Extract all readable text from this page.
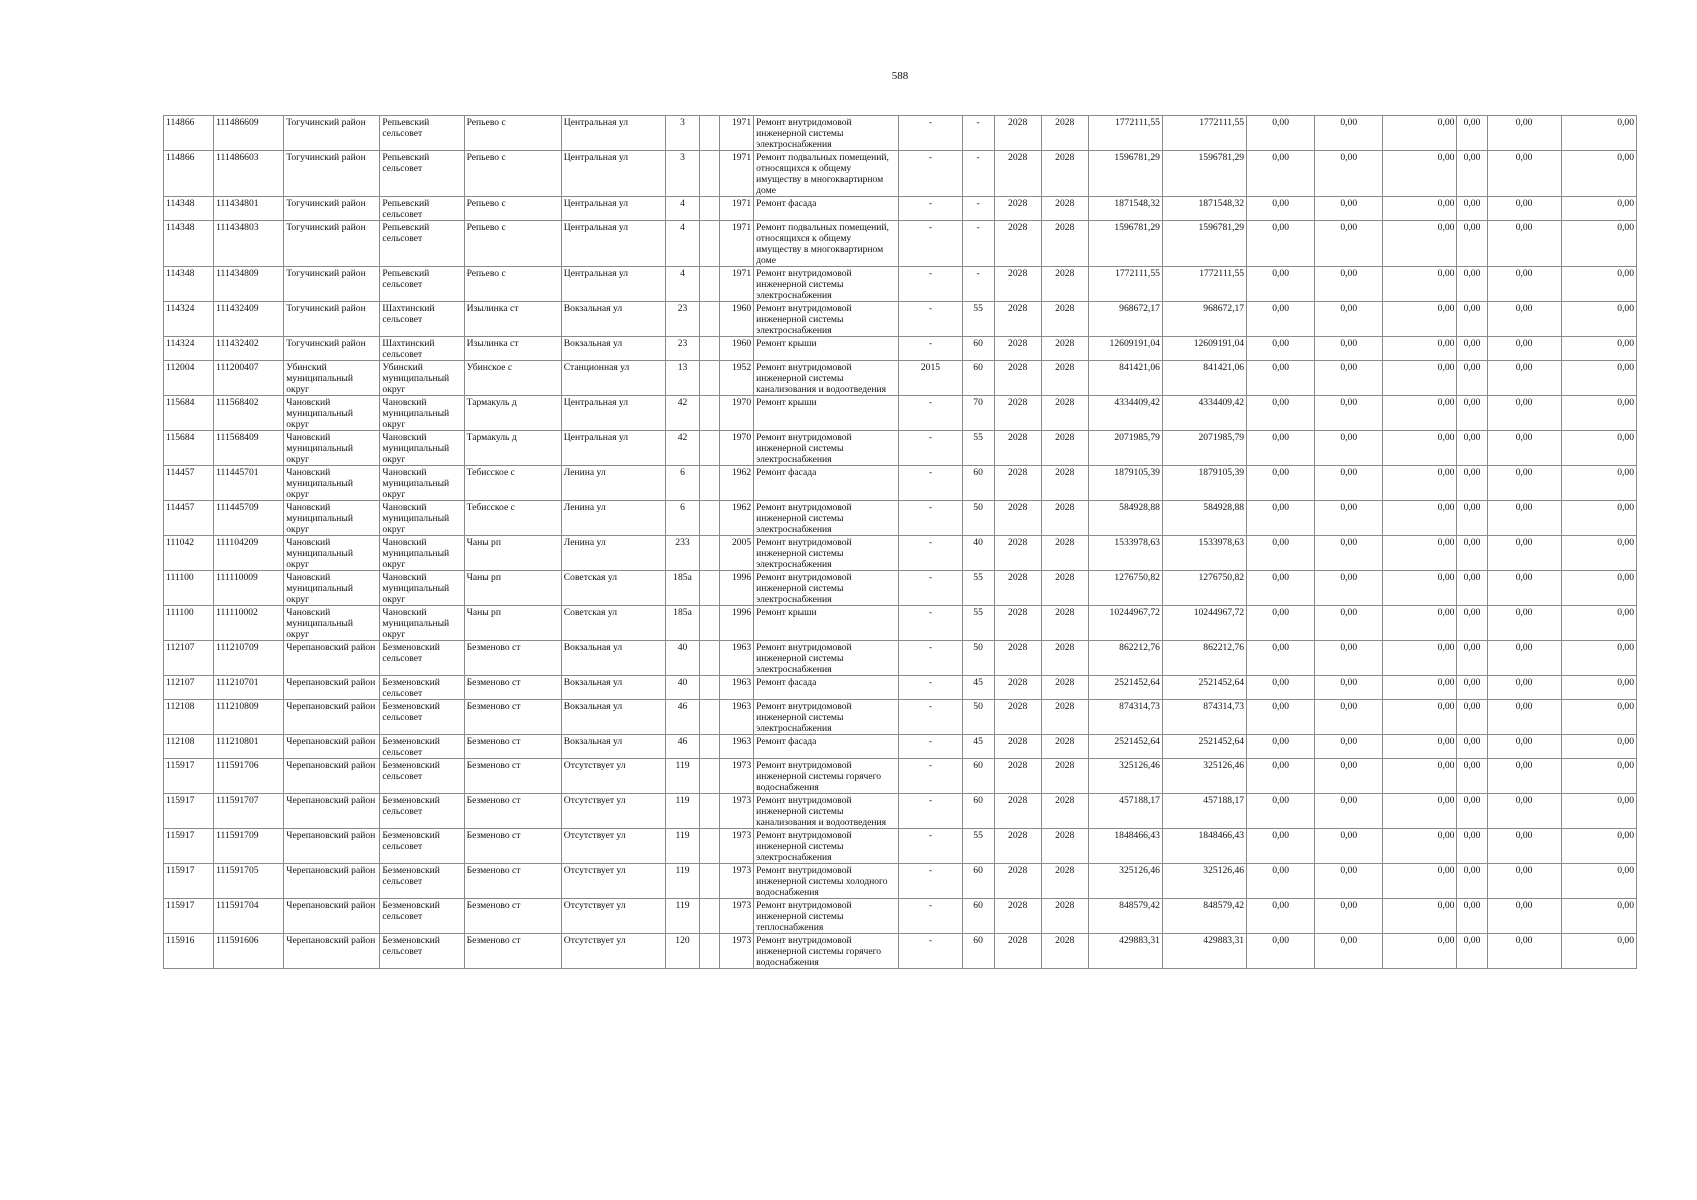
588
114866	111486609	Тогучинский район	Репьевский сельсовет	Репьево с	Центральная ул	3		1971	Ремонт внутридомовой инженерной системы электроснабжения	-	-	2028	2028	1772111,55	1772111,55	0,00	0,00	0,00	0,00	0,00	0,00
114866	111486603	Тогучинский район	Репьевский сельсовет	Репьево с	Центральная ул	3		1971	Ремонт подвальных помещений, относящихся к общему имуществу в многоквартирном доме	-	-	2028	2028	1596781,29	1596781,29	0,00	0,00	0,00	0,00	0,00	0,00
114348	111434801	Тогучинский район	Репьевский сельсовет	Репьево с	Центральная ул	4		1971	Ремонт фасада	-	-	2028	2028	1871548,32	1871548,32	0,00	0,00	0,00	0,00	0,00	0,00
114348	111434803	Тогучинский район	Репьевский сельсовет	Репьево с	Центральная ул	4		1971	Ремонт подвальных помещений, относящихся к общему имуществу в многоквартирном доме	-	-	2028	2028	1596781,29	1596781,29	0,00	0,00	0,00	0,00	0,00	0,00
114348	111434809	Тогучинский район	Репьевский сельсовет	Репьево с	Центральная ул	4		1971	Ремонт внутридомовой инженерной системы электроснабжения	-	-	2028	2028	1772111,55	1772111,55	0,00	0,00	0,00	0,00	0,00	0,00
114324	111432409	Тогучинский район	Шахтинский сельсовет	Изылинка ст	Вокзальная ул	23		1960	Ремонт внутридомовой инженерной системы электроснабжения	-	55	2028	2028	968672,17	968672,17	0,00	0,00	0,00	0,00	0,00	0,00
114324	111432402	Тогучинский район	Шахтинский сельсовет	Изылинка ст	Вокзальная ул	23		1960	Ремонт крыши	-	60	2028	2028	12609191,04	12609191,04	0,00	0,00	0,00	0,00	0,00	0,00
112004	111200407	Убинский муниципальный округ	Убинский муниципальный округ	Убинское с	Станционная ул	13		1952	Ремонт внутридомовой инженерной системы канализования и водоотведения	2015	60	2028	2028	841421,06	841421,06	0,00	0,00	0,00	0,00	0,00	0,00
115684	111568402	Чановский муниципальный округ	Чановский муниципальный округ	Тармакуль д	Центральная ул	42		1970	Ремонт крыши	-	70	2028	2028	4334409,42	4334409,42	0,00	0,00	0,00	0,00	0,00	0,00
115684	111568409	Чановский муниципальный округ	Чановский муниципальный округ	Тармакуль д	Центральная ул	42		1970	Ремонт внутридомовой инженерной системы электроснабжения	-	55	2028	2028	2071985,79	2071985,79	0,00	0,00	0,00	0,00	0,00	0,00
114457	111445701	Чановский муниципальный округ	Чановский муниципальный округ	Тебисское с	Ленина ул	6		1962	Ремонт фасада	-	60	2028	2028	1879105,39	1879105,39	0,00	0,00	0,00	0,00	0,00	0,00
114457	111445709	Чановский муниципальный округ	Чановский муниципальный округ	Тебисское с	Ленина ул	6		1962	Ремонт внутридомовой инженерной системы электроснабжения	-	50	2028	2028	584928,88	584928,88	0,00	0,00	0,00	0,00	0,00	0,00
111042	111104209	Чановский муниципальный округ	Чановский муниципальный округ	Чаны рп	Ленина ул	233		2005	Ремонт внутридомовой инженерной системы электроснабжения	-	40	2028	2028	1533978,63	1533978,63	0,00	0,00	0,00	0,00	0,00	0,00
111100	111110009	Чановский муниципальный округ	Чановский муниципальный округ	Чаны рп	Советская ул	185а		1996	Ремонт внутридомовой инженерной системы электроснабжения	-	55	2028	2028	1276750,82	1276750,82	0,00	0,00	0,00	0,00	0,00	0,00
111100	111110002	Чановский муниципальный округ	Чановский муниципальный округ	Чаны рп	Советская ул	185а		1996	Ремонт крыши	-	55	2028	2028	10244967,72	10244967,72	0,00	0,00	0,00	0,00	0,00	0,00
112107	111210709	Черепановский район	Безменовский сельсовет	Безменово ст	Вокзальная ул	40		1963	Ремонт внутридомовой инженерной системы электроснабжения	-	50	2028	2028	862212,76	862212,76	0,00	0,00	0,00	0,00	0,00	0,00
112107	111210701	Черепановский район	Безменовский сельсовет	Безменово ст	Вокзальная ул	40		1963	Ремонт фасада	-	45	2028	2028	2521452,64	2521452,64	0,00	0,00	0,00	0,00	0,00	0,00
112108	111210809	Черепановский район	Безменовский сельсовет	Безменово ст	Вокзальная ул	46		1963	Ремонт внутридомовой инженерной системы электроснабжения	-	50	2028	2028	874314,73	874314,73	0,00	0,00	0,00	0,00	0,00	0,00
112108	111210801	Черепановский район	Безменовский сельсовет	Безменово ст	Вокзальная ул	46		1963	Ремонт фасада	-	45	2028	2028	2521452,64	2521452,64	0,00	0,00	0,00	0,00	0,00	0,00
115917	111591706	Черепановский район	Безменовский сельсовет	Безменово ст	Отсутствует ул	119		1973	Ремонт внутридомовой инженерной системы горячего водоснабжения	-	60	2028	2028	325126,46	325126,46	0,00	0,00	0,00	0,00	0,00	0,00
115917	111591707	Черепановский район	Безменовский сельсовет	Безменово ст	Отсутствует ул	119		1973	Ремонт внутридомовой инженерной системы канализования и водоотведения	-	60	2028	2028	457188,17	457188,17	0,00	0,00	0,00	0,00	0,00	0,00
115917	111591709	Черепановский район	Безменовский сельсовет	Безменово ст	Отсутствует ул	119		1973	Ремонт внутридомовой инженерной системы электроснабжения	-	55	2028	2028	1848466,43	1848466,43	0,00	0,00	0,00	0,00	0,00	0,00
115917	111591705	Черепановский район	Безменовский сельсовет	Безменово ст	Отсутствует ул	119		1973	Ремонт внутридомовой инженерной системы холодного водоснабжения	-	60	2028	2028	325126,46	325126,46	0,00	0,00	0,00	0,00	0,00	0,00
115917	111591704	Черепановский район	Безменовский сельсовет	Безменово ст	Отсутствует ул	119		1973	Ремонт внутридомовой инженерной системы теплоснабжения	-	60	2028	2028	848579,42	848579,42	0,00	0,00	0,00	0,00	0,00	0,00
115916	111591606	Черепановский район	Безменовский сельсовет	Безменово ст	Отсутствует ул	120		1973	Ремонт внутридомовой инженерной системы горячего водоснабжения	-	60	2028	2028	429883,31	429883,31	0,00	0,00	0,00	0,00	0,00	0,00
